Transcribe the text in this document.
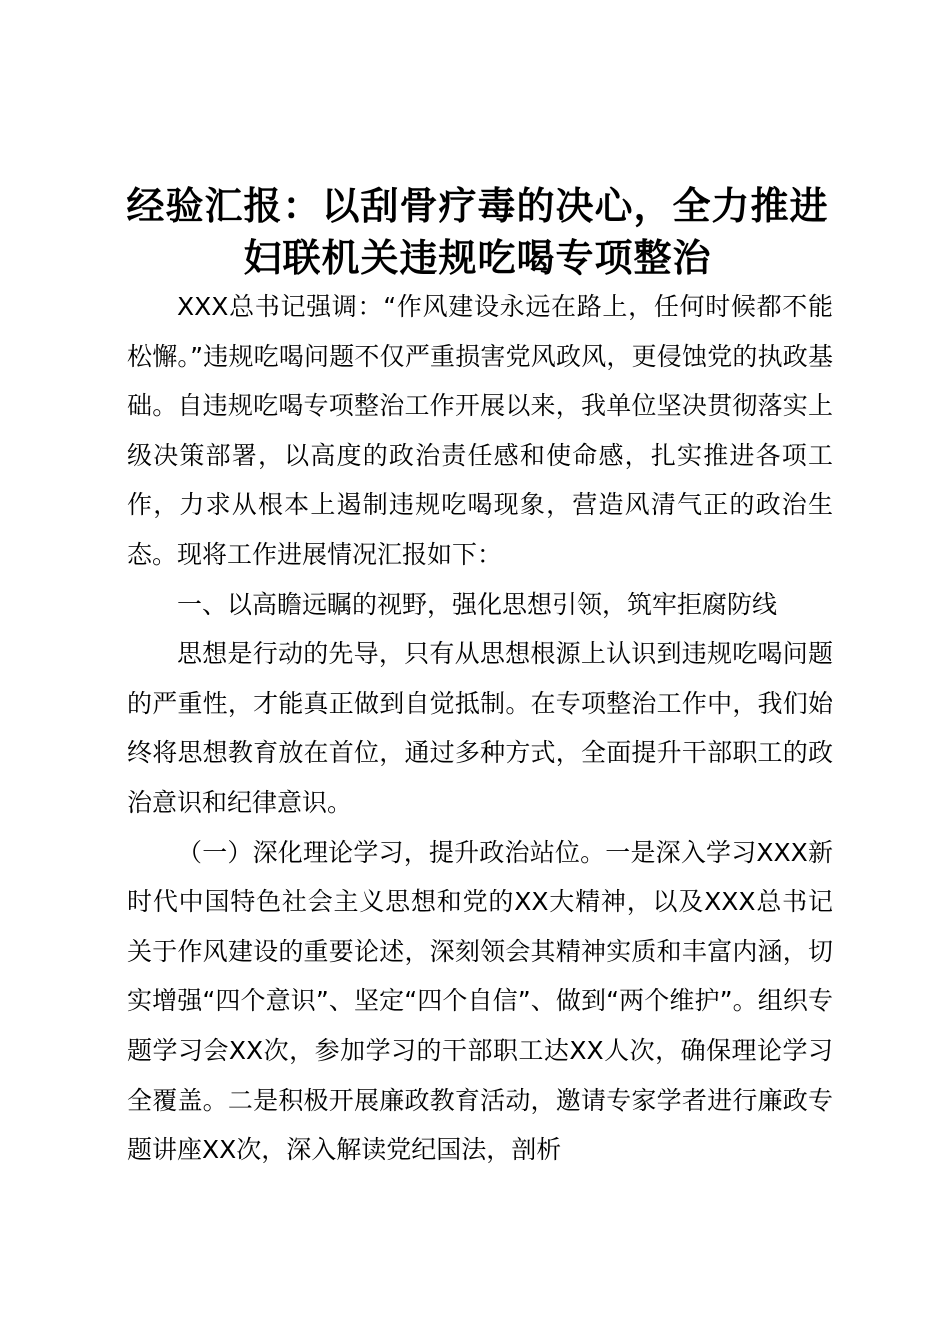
经验汇报：以刮骨疗毒的决心，全力推进妇联机关违规吃喝专项整治

XXX总书记强调：“作风建设永远在路上，任何时候都不能松懈。”违规吃喝问题不仅严重损害党风政风，更侵蚀党的执政基础。自违规吃喝专项整治工作开展以来，我单位坚决贯彻落实上级决策部署，以高度的政治责任感和使命感，扎实推进各项工作，力求从根本上遏制违规吃喝现象，营造风清气正的政治生态。现将工作进展情况汇报如下：

一、以高瞻远瞩的视野，强化思想引领，筑牢拒腐防线

思想是行动的先导，只有从思想根源上认识到违规吃喝问题的严重性，才能真正做到自觉抵制。在专项整治工作中，我们始终将思想教育放在首位，通过多种方式，全面提升干部职工的政治意识和纪律意识。

（一）深化理论学习，提升政治站位。一是深入学习XXX新时代中国特色社会主义思想和党的XX大精神，以及XXX总书记关于作风建设的重要论述，深刻领会其精神实质和丰富内涵，切实增强“四个意识”、坚定“四个自信”、做到“两个维护”。组织专题学习会XX次，参加学习的干部职工达XX人次，确保理论学习全覆盖。二是积极开展廉政教育活动，邀请专家学者进行廉政专题讲座XX次，深入解读党纪国法，剖析
